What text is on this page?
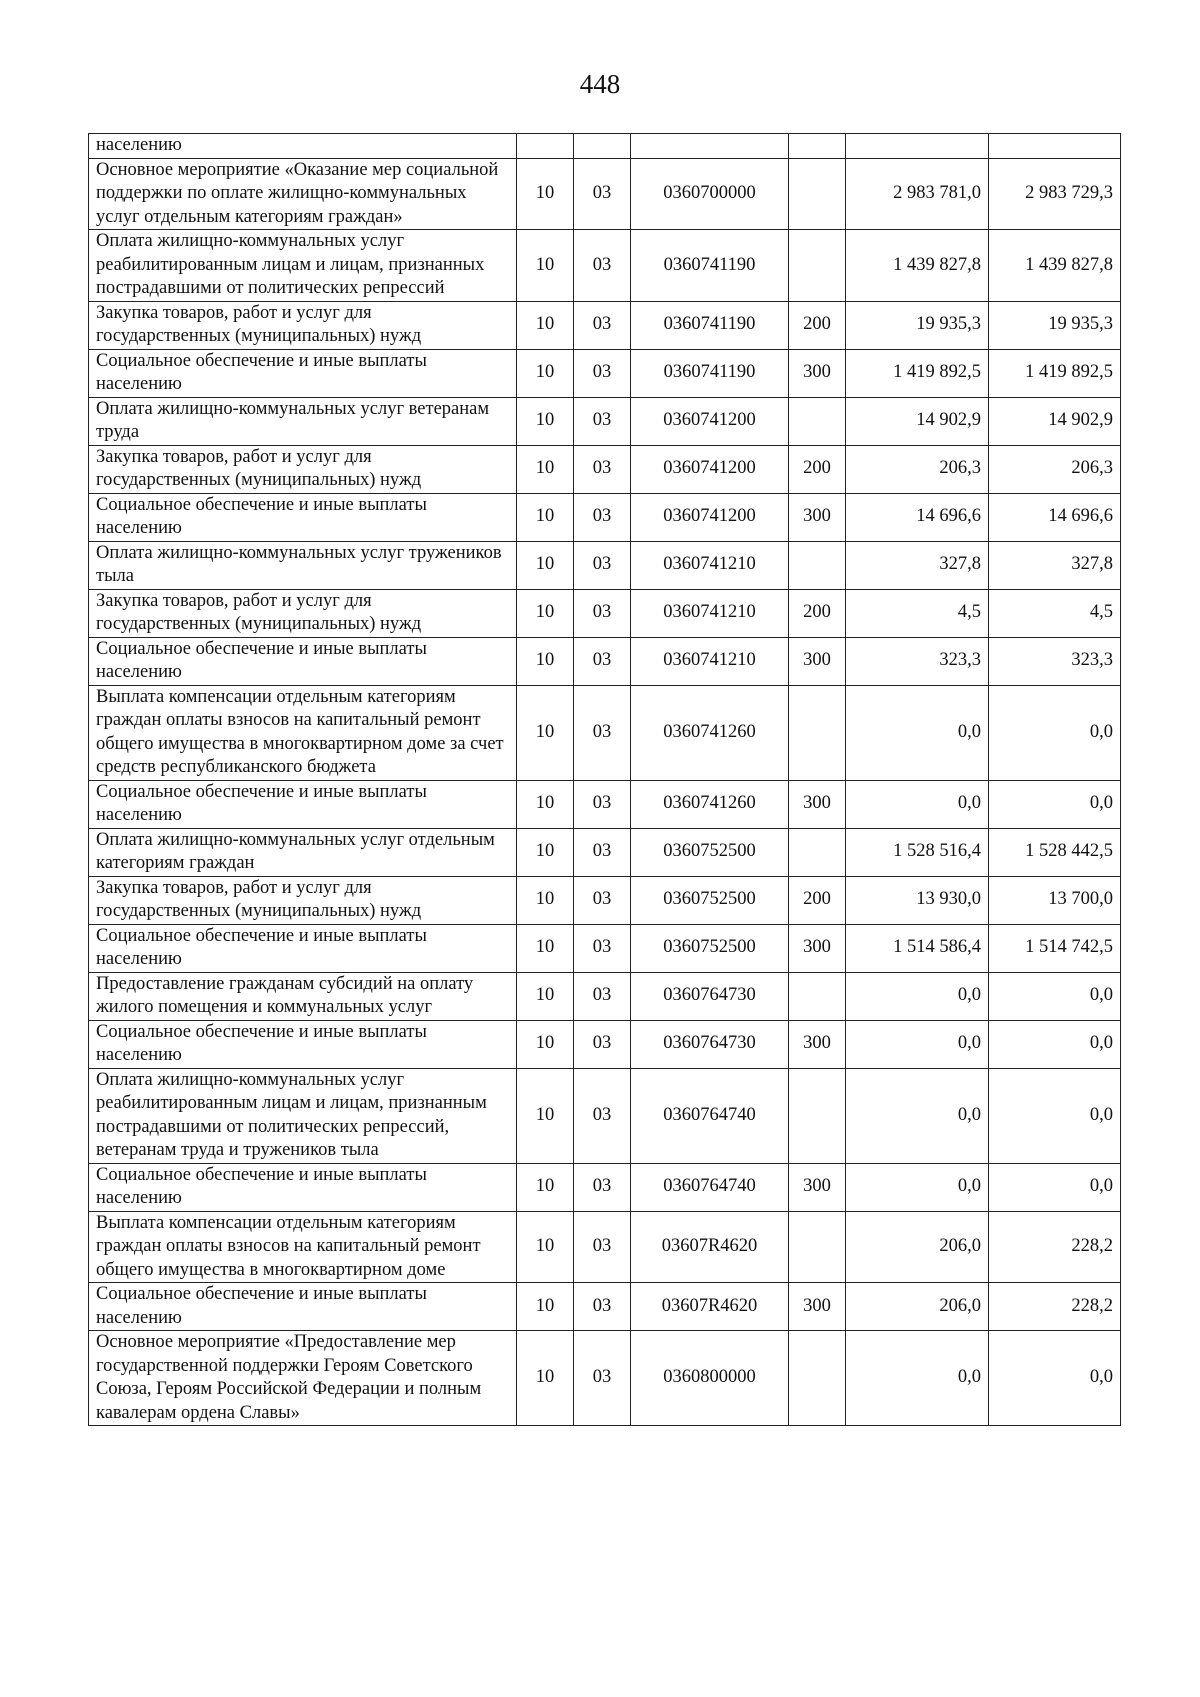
448
населению						
Основное мероприятие «Оказание мер социальной поддержки по оплате жилищно-коммунальных услуг отдельным категориям граждан»	10	03	0360700000		2 983 781,0	2 983 729,3
Оплата жилищно-коммунальных услуг реабилитированным лицам и лицам, признанных пострадавшими от политических репрессий	10	03	0360741190		1 439 827,8	1 439 827,8
Закупка товаров, работ и услуг для государственных (муниципальных) нужд	10	03	0360741190	200	19 935,3	19 935,3
Социальное обеспечение и иные выплаты населению	10	03	0360741190	300	1 419 892,5	1 419 892,5
Оплата жилищно-коммунальных услуг ветеранам труда	10	03	0360741200		14 902,9	14 902,9
Закупка товаров, работ и услуг для государственных (муниципальных) нужд	10	03	0360741200	200	206,3	206,3
Социальное обеспечение и иные выплаты населению	10	03	0360741200	300	14 696,6	14 696,6
Оплата жилищно-коммунальных услуг тружеников тыла	10	03	0360741210		327,8	327,8
Закупка товаров, работ и услуг для государственных (муниципальных) нужд	10	03	0360741210	200	4,5	4,5
Социальное обеспечение и иные выплаты населению	10	03	0360741210	300	323,3	323,3
Выплата компенсации отдельным категориям граждан оплаты взносов на капитальный ремонт общего имущества в многоквартирном доме за счет средств республиканского бюджета	10	03	0360741260		0,0	0,0
Социальное обеспечение и иные выплаты населению	10	03	0360741260	300	0,0	0,0
Оплата жилищно-коммунальных услуг отдельным категориям граждан	10	03	0360752500		1 528 516,4	1 528 442,5
Закупка товаров, работ и услуг для государственных (муниципальных) нужд	10	03	0360752500	200	13 930,0	13 700,0
Социальное обеспечение и иные выплаты населению	10	03	0360752500	300	1 514 586,4	1 514 742,5
Предоставление гражданам субсидий на оплату жилого помещения и коммунальных услуг	10	03	0360764730		0,0	0,0
Социальное обеспечение и иные выплаты населению	10	03	0360764730	300	0,0	0,0
Оплата жилищно-коммунальных услуг реабилитированным лицам и лицам, признанным пострадавшими от политических репрессий, ветеранам труда и тружеников тыла	10	03	0360764740		0,0	0,0
Социальное обеспечение и иные выплаты населению	10	03	0360764740	300	0,0	0,0
Выплата компенсации отдельным категориям граждан оплаты взносов на капитальный ремонт общего имущества в многоквартирном доме	10	03	03607R4620		206,0	228,2
Социальное обеспечение и иные выплаты населению	10	03	03607R4620	300	206,0	228,2
Основное мероприятие «Предоставление мер государственной поддержки Героям Советского Союза, Героям Российской Федерации и полным кавалерам ордена Славы»	10	03	0360800000		0,0	0,0
